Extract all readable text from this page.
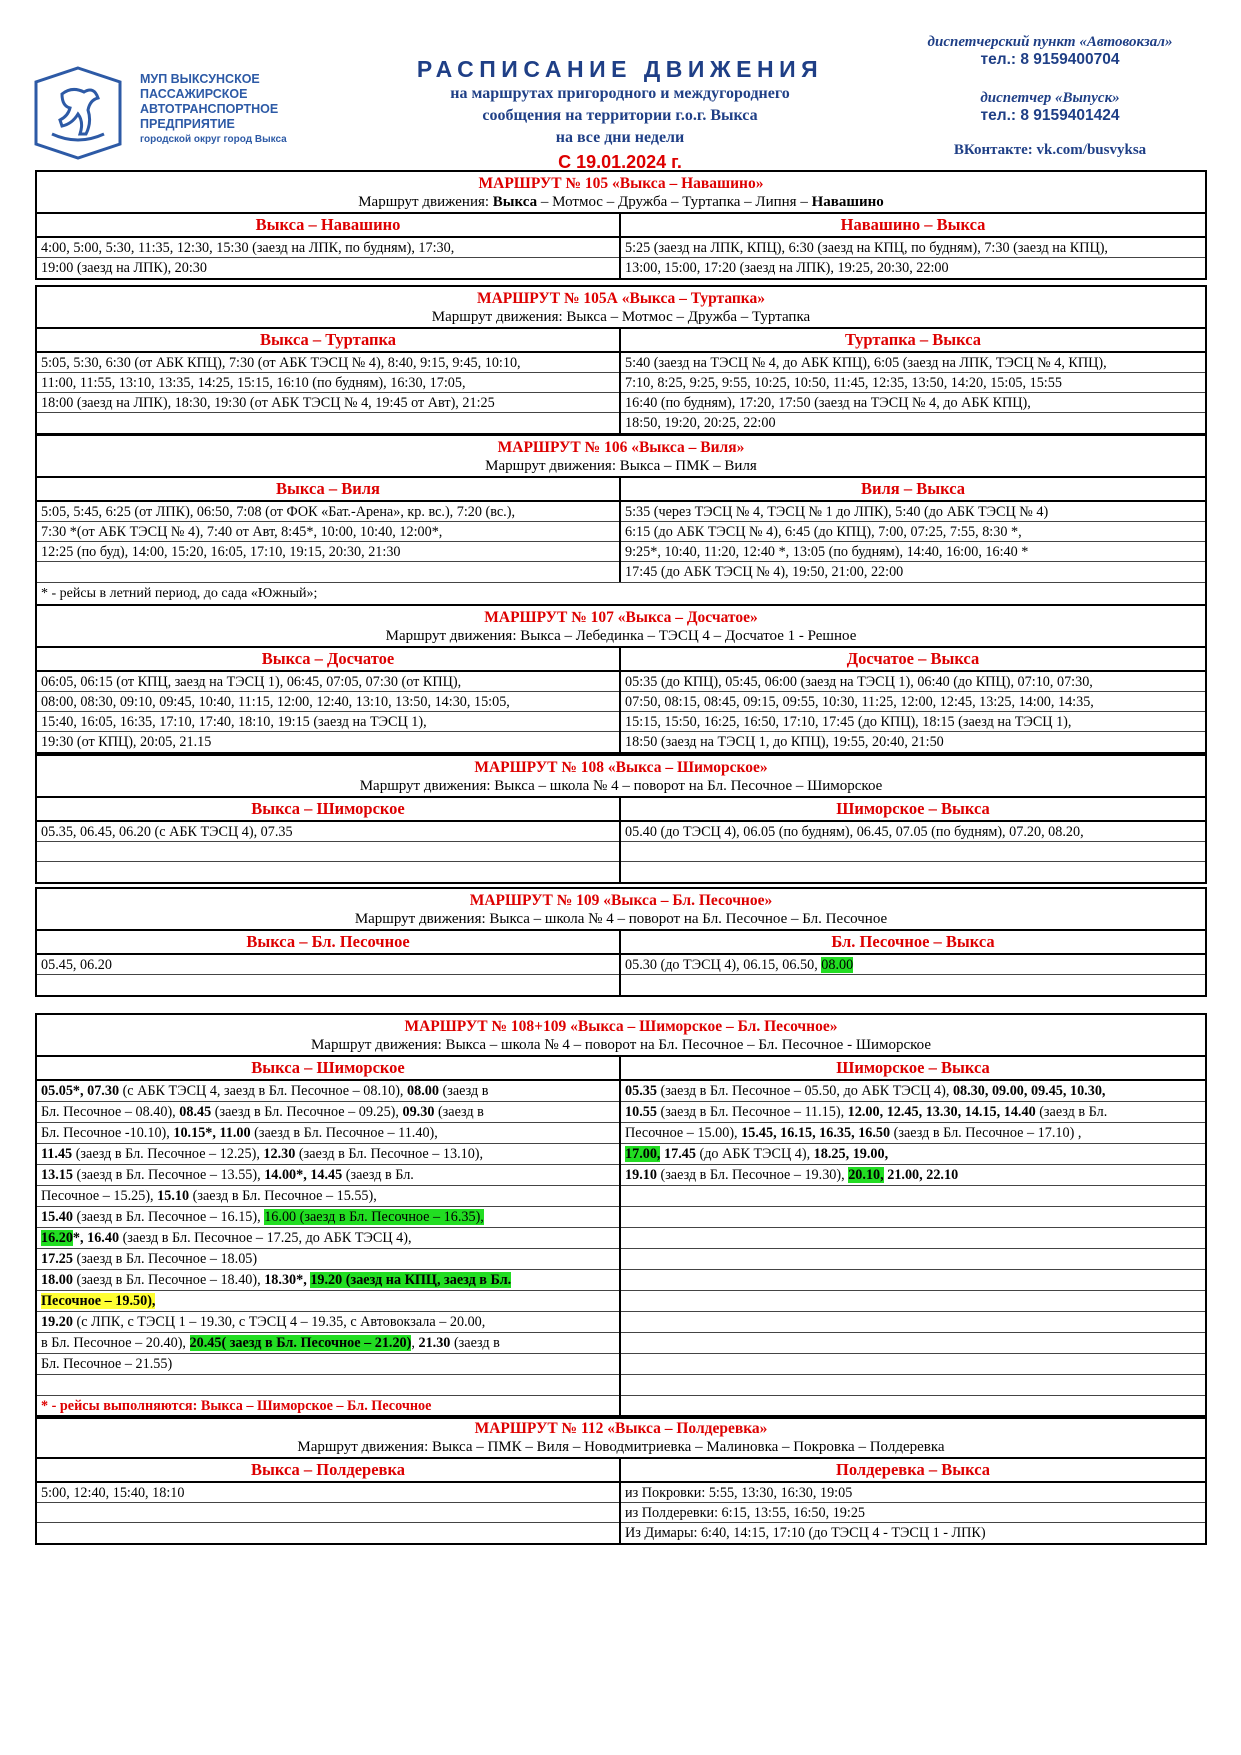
МУП ВЫКСУНСКОЕ
ПАССАЖИРСКОЕ
АВТОТРАНСПОРТНОЕ
ПРЕДПРИЯТИЕ
городской округ город Выкса
РАСПИСАНИЕ ДВИЖЕНИЯ
на маршрутах пригородного и междугороднего
сообщения на территории г.о.г. Выкса
на все дни недели
С 19.01.2024 г.
диспетчерский пункт «Автовокзал»
тел.: 8 9159400704
диспетчер «Выпуск»
тел.: 8 9159401424
ВКонтакте: vk.com/busvyksa
МАРШРУТ № 105 «Выкса – Навашино»
Маршрут движения: Выкса – Мотмос – Дружба – Туртапка – Липня – Навашино
Выкса – Навашино
4:00, 5:00, 5:30, 11:35, 12:30, 15:30 (заезд на ЛПК, по будням), 17:30,
19:00 (заезд на ЛПК), 20:30
Навашино – Выкса
5:25 (заезд на ЛПК, КПЦ), 6:30 (заезд на КПЦ, по будням), 7:30 (заезд на КПЦ),
13:00, 15:00, 17:20 (заезд на ЛПК), 19:25, 20:30, 22:00
МАРШРУТ № 105А «Выкса – Туртапка»
Маршрут движения: Выкса – Мотмос – Дружба – Туртапка
Выкса – Туртапка
5:05, 5:30, 6:30 (от АБК КПЦ), 7:30 (от АБК ТЭСЦ № 4), 8:40, 9:15, 9:45, 10:10,
11:00, 11:55, 13:10, 13:35, 14:25, 15:15, 16:10 (по будням), 16:30, 17:05,
18:00 (заезд на ЛПК), 18:30, 19:30 (от АБК ТЭСЦ № 4, 19:45 от Авт), 21:25

Туртапка – Выкса
5:40 (заезд на ТЭСЦ № 4, до АБК КПЦ), 6:05 (заезд на ЛПК, ТЭСЦ № 4, КПЦ),
7:10, 8:25, 9:25, 9:55, 10:25, 10:50, 11:45, 12:35, 13:50, 14:20, 15:05, 15:55
16:40 (по будням), 17:20, 17:50 (заезд на ТЭСЦ № 4, до АБК КПЦ),
18:50, 19:20, 20:25, 22:00
МАРШРУТ № 106 «Выкса – Виля»
Маршрут движения: Выкса – ПМК – Виля
Выкса – Виля
5:05, 5:45, 6:25 (от ЛПК), 06:50, 7:08 (от ФОК «Бат.-Арена», кр. вс.), 7:20 (вс.),
7:30 *(от АБК ТЭСЦ № 4), 7:40 от Авт, 8:45*, 10:00, 10:40, 12:00*,
12:25 (по буд), 14:00, 15:20, 16:05, 17:10, 19:15, 20:30, 21:30

Виля – Выкса
5:35 (через ТЭСЦ № 4, ТЭСЦ № 1 до ЛПК), 5:40 (до АБК ТЭСЦ № 4)
6:15 (до АБК ТЭСЦ № 4), 6:45 (до КПЦ), 7:00, 07:25, 7:55, 8:30 *,
9:25*, 10:40, 11:20, 12:40 *, 13:05 (по будням), 14:40, 16:00, 16:40 *
17:45 (до АБК ТЭСЦ № 4), 19:50, 21:00, 22:00
* - рейсы в летний период, до сада «Южный»;
МАРШРУТ № 107 «Выкса – Досчатое»
Маршрут движения: Выкса – Лебединка – ТЭСЦ 4 – Досчатое 1 - Решное
Выкса – Досчатое
06:05, 06:15 (от КПЦ, заезд на ТЭСЦ 1), 06:45, 07:05, 07:30 (от КПЦ),
08:00, 08:30, 09:10, 09:45, 10:40, 11:15, 12:00, 12:40, 13:10, 13:50, 14:30, 15:05,
15:40, 16:05, 16:35, 17:10, 17:40, 18:10, 19:15 (заезд на ТЭСЦ 1),
19:30 (от КПЦ), 20:05, 21.15
Досчатое – Выкса
05:35 (до КПЦ), 05:45, 06:00 (заезд на ТЭСЦ 1), 06:40 (до КПЦ), 07:10, 07:30,
07:50, 08:15, 08:45, 09:15, 09:55, 10:30, 11:25, 12:00, 12:45, 13:25, 14:00, 14:35,
15:15, 15:50, 16:25, 16:50, 17:10, 17:45 (до КПЦ), 18:15 (заезд на ТЭСЦ 1),
18:50 (заезд на ТЭСЦ 1, до КПЦ), 19:55, 20:40, 21:50
МАРШРУТ № 108 «Выкса – Шиморское»
Маршрут движения: Выкса – школа № 4 – поворот на Бл. Песочное – Шиморское
Выкса – Шиморское
05.35, 06.45, 06.20 (с АБК ТЭСЦ 4), 07.35

Шиморское – Выкса
05.40 (до ТЭСЦ 4), 06.05 (по будням), 06.45, 07.05 (по будням), 07.20, 08.20,

МАРШРУТ № 109 «Выкса – Бл. Песочное»
Маршрут движения: Выкса – школа № 4 – поворот на Бл. Песочное – Бл. Песочное
Выкса – Бл. Песочное
05.45, 06.20

Бл. Песочное – Выкса
05.30 (до ТЭСЦ 4), 06.15, 06.50, 08.00

МАРШРУТ № 108+109 «Выкса – Шиморское – Бл. Песочное»
Маршрут движения: Выкса – школа № 4 – поворот на Бл. Песочное – Бл. Песочное - Шиморское
Выкса – Шиморское
05.05*, 07.30 (с АБК ТЭСЦ 4, заезд в Бл. Песочное – 08.10), 08.00 (заезд в
Бл. Песочное – 08.40), 08.45 (заезд в Бл. Песочное – 09.25), 09.30 (заезд в
Бл. Песочное -10.10), 10.15*, 11.00 (заезд в Бл. Песочное – 11.40),
11.45 (заезд в Бл. Песочное – 12.25), 12.30 (заезд в Бл. Песочное – 13.10),
13.15 (заезд в Бл. Песочное – 13.55), 14.00*, 14.45 (заезд в Бл.
Песочное – 15.25), 15.10 (заезд в Бл. Песочное – 15.55),
15.40 (заезд в Бл. Песочное – 16.15), 16.00 (заезд в Бл. Песочное – 16.35),
16.20*, 16.40 (заезд в Бл. Песочное – 17.25, до АБК ТЭСЦ 4),
17.25 (заезд в Бл. Песочное – 18.05)
18.00 (заезд в Бл. Песочное – 18.40), 18.30*, 19.20 (заезд на КПЦ, заезд в Бл.
Песочное – 19.50),
19.20 (с ЛПК, с ТЭСЦ 1 – 19.30, с ТЭСЦ 4 – 19.35, с Автовокзала – 20.00,
в Бл. Песочное – 20.40), 20.45( заезд в Бл. Песочное – 21.20), 21.30 (заезд в
Бл. Песочное – 21.55)
* - рейсы выполняются: Выкса – Шиморское – Бл. Песочное
Шиморское – Выкса
05.35 (заезд в Бл. Песочное – 05.50, до АБК ТЭСЦ 4), 08.30, 09.00, 09.45, 10.30,
10.55 (заезд в Бл. Песочное – 11.15), 12.00, 12.45, 13.30, 14.15, 14.40 (заезд в Бл.
Песочное – 15.00), 15.45, 16.15, 16.35, 16.50 (заезд в Бл. Песочное – 17.10) ,
17.00, 17.45 (до АБК ТЭСЦ 4), 18.25, 19.00,
19.10 (заезд в Бл. Песочное – 19.30), 20.10, 21.00, 22.10
МАРШРУТ № 112 «Выкса – Полдеревка»
Маршрут движения: Выкса – ПМК – Виля – Новодмитриевка – Малиновка – Покровка – Полдеревка
Выкса – Полдеревка
5:00, 12:40, 15:40, 18:10

Полдеревка – Выкса
из Покровки: 5:55, 13:30, 16:30, 19:05
из Полдеревки: 6:15, 13:55, 16:50, 19:25
Из Димары: 6:40, 14:15, 17:10 (до ТЭСЦ 4 - ТЭСЦ 1 - ЛПК)
